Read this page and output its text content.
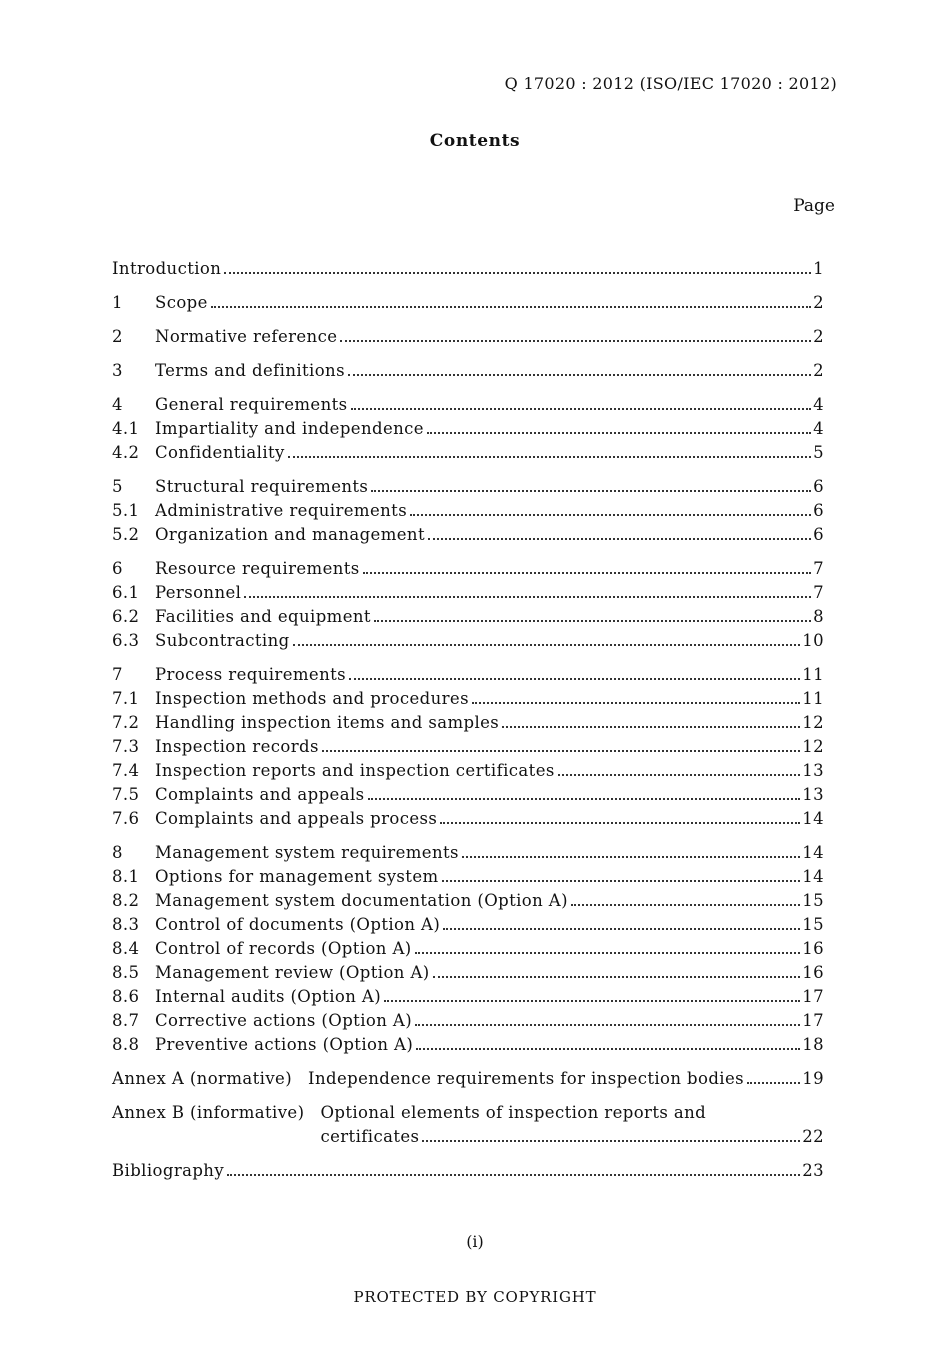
Q 17020 : 2012 (ISO/IEC 17020 : 2012)
Contents
Page
Introduction	1
1	Scope	2
2	Normative reference	2
3	Terms and definitions	2
4	General requirements	4
4.1 Impartiality and independence	4
4.2 Confidentiality	5
5	Structural requirements	6
5.1 Administrative requirements	6
5.2 Organization and management	6
6	Resource requirements	7
6.1 Personnel	7
6.2 Facilities and equipment	8
6.3 Subcontracting	10
7	Process requirements	11
7.1 Inspection methods and procedures	11
7.2 Handling inspection items and samples	12
7.3 Inspection records	12
7.4 Inspection reports and inspection certificates	13
7.5 Complaints and appeals	13
7.6 Complaints and appeals process	14
8	Management system requirements	14
8.1 Options for management system	14
8.2 Management system documentation (Option A)	15
8.3 Control of documents (Option A)	15
8.4 Control of records (Option A)	16
8.5 Management review (Option A)	16
8.6 Internal audits (Option A)	17
8.7 Corrective actions (Option A)	17
8.8 Preventive actions (Option A)	18
Annex A (normative) Independence requirements for inspection bodies	19
Annex B (informative) Optional elements of inspection reports and
certificates	22
Bibliography	23
(i)
PROTECTED BY COPYRIGHT
